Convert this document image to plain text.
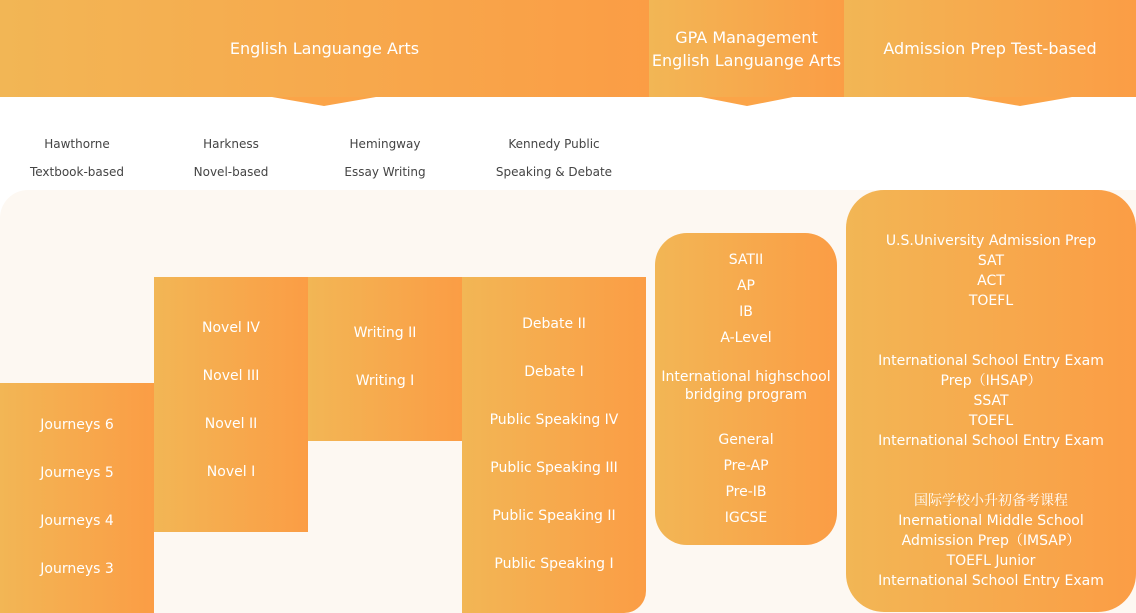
English Languange Arts
GPA Management
English Languange Arts
Admission Prep Test-based

Hawthorne

Textbook-based

Harkness

Novel-based

Hemingway

Essay Writing

Kennedy Public

Speaking & Debate

Journeys 6
Journeys 5
Journeys 4
Journeys 3
Novel IV
Novel III
Novel II
Novel I
Writing II
Writing I
Debate II
Debate I
Public Speaking IV
Public Speaking III
Public Speaking II
Public Speaking I

SATII

AP

IB

A-Level

International highschool

bridging program

General

Pre-AP

Pre-IB

IGCSE

U.S.University Admission Prep

SAT

ACT

TOEFL

International School Entry Exam

Prep（IHSAP）

SSAT

TOEFL

International School Entry Exam

国际学校小升初备考课程

Inernational Middle School

Admission Prep（IMSAP）

TOEFL Junior

International School Entry Exam
